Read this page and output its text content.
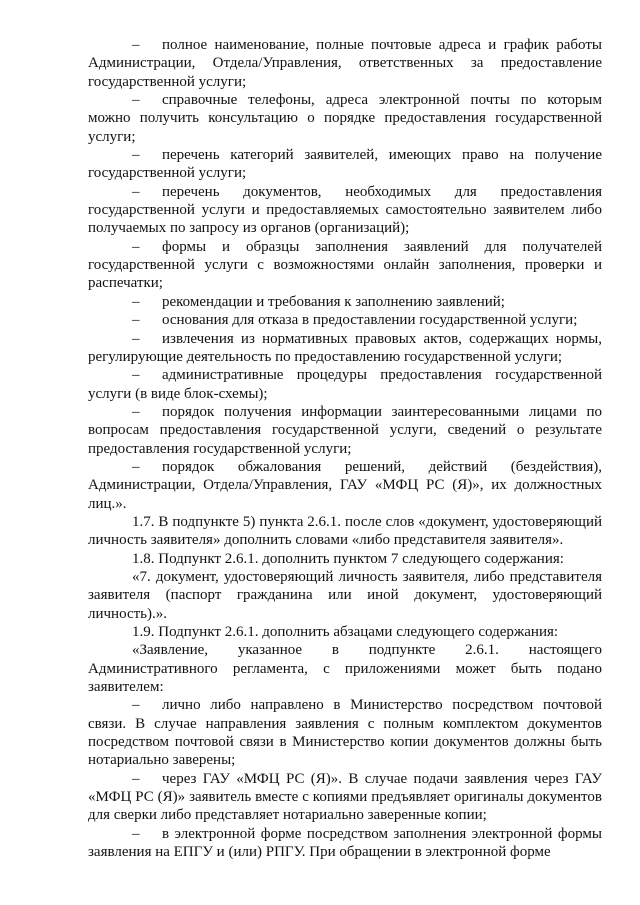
– полное наименование, полные почтовые адреса и график работы Администрации, Отдела/Управления, ответственных за предоставление государственной услуги;

– справочные телефоны, адреса электронной почты по которым можно получить консультацию о порядке предоставления государственной услуги;

– перечень категорий заявителей, имеющих право на получение государственной услуги;

– перечень документов, необходимых для предоставления государственной услуги и предоставляемых самостоятельно заявителем либо получаемых по запросу из органов (организаций);

– формы и образцы заполнения заявлений для получателей государственной услуги с возможностями онлайн заполнения, проверки и распечатки;

– рекомендации и требования к заполнению заявлений;

– основания для отказа в предоставлении государственной услуги;

– извлечения из нормативных правовых актов, содержащих нормы, регулирующие деятельность по предоставлению государственной услуги;

– административные процедуры предоставления государственной услуги (в виде блок-схемы);

– порядок получения информации заинтересованными лицами по вопросам предоставления государственной услуги, сведений о результате предоставления государственной услуги;

– порядок обжалования решений, действий (бездействия), Администрации, Отдела/Управления, ГАУ «МФЦ РС (Я)», их должностных лиц.».

1.7. В подпункте 5) пункта 2.6.1. после слов «документ, удостоверяющий личность заявителя» дополнить словами «либо представителя заявителя».

1.8. Подпункт 2.6.1. дополнить пунктом 7 следующего содержания:

«7. документ, удостоверяющий личность заявителя, либо представителя заявителя (паспорт гражданина или иной документ, удостоверяющий личность).».

1.9. Подпункт 2.6.1. дополнить абзацами следующего содержания:

«Заявление, указанное в подпункте 2.6.1. настоящего Административного регламента, с приложениями может быть подано заявителем:

– лично либо направлено в Министерство посредством почтовой связи. В случае направления заявления с полным комплектом документов посредством почтовой связи в Министерство копии документов должны быть нотариально заверены;

– через ГАУ «МФЦ РС (Я)». В случае подачи заявления через ГАУ «МФЦ РС (Я)» заявитель вместе с копиями предъявляет оригиналы документов для сверки либо представляет нотариально заверенные копии;

– в электронной форме посредством заполнения электронной формы заявления на ЕПГУ и (или) РПГУ. При обращении в электронной форме
